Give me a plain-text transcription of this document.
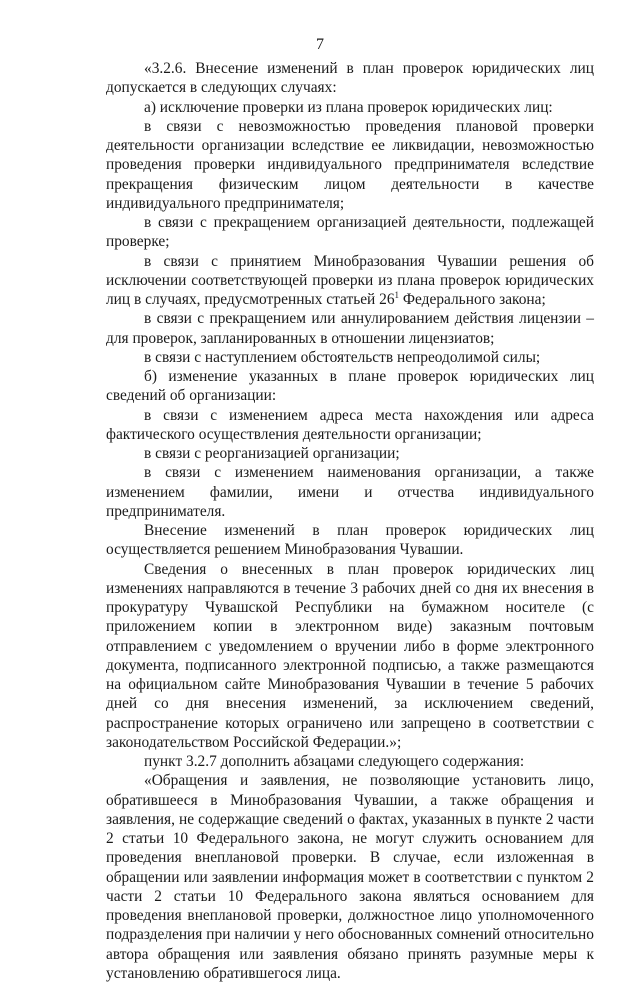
7

«3.2.6. Внесение изменений в план проверок юридических лиц допускается в следующих случаях:

а) исключение проверки из плана проверок юридических лиц:

в связи с невозможностью проведения плановой проверки деятельности организации вследствие ее ликвидации, невозможностью проведения проверки индивидуального предпринимателя вследствие прекращения физическим лицом деятельности в качестве индивидуального предпринимателя;

в связи с прекращением организацией деятельности, подлежащей проверке;

в связи с принятием Минобразования Чувашии решения об исключении соответствующей проверки из плана проверок юридических лиц в случаях, предусмотренных статьей $26^1$ Федерального закона;

в связи с прекращением или аннулированием действия лицензии – для проверок, запланированных в отношении лицензиатов;

в связи с наступлением обстоятельств непреодолимой силы;

б) изменение указанных в плане проверок юридических лиц сведений об организации:

в связи с изменением адреса места нахождения или адреса фактического осуществления деятельности организации;

в связи с реорганизацией организации;

в связи с изменением наименования организации, а также изменением фамилии, имени и отчества индивидуального предпринимателя.

Внесение изменений в план проверок юридических лиц осуществляется решением Минобразования Чувашии.

Сведения о внесенных в план проверок юридических лиц изменениях направляются в течение 3 рабочих дней со дня их внесения в прокуратуру Чувашской Республики на бумажном носителе (с приложением копии в электронном виде) заказным почтовым отправлением с уведомлением о вручении либо в форме электронного документа, подписанного электронной подписью, а также размещаются на официальном сайте Минобразования Чувашии в течение 5 рабочих дней со дня внесения изменений, за исключением сведений, распространение которых ограничено или запрещено в соответствии с законодательством Российской Федерации.»;

пункт 3.2.7 дополнить абзацами следующего содержания:

«Обращения и заявления, не позволяющие установить лицо, обратившееся в Минобразования Чувашии, а также обращения и заявления, не содержащие сведений о фактах, указанных в пункте 2 части 2 статьи 10 Федерального закона, не могут служить основанием для проведения внеплановой проверки. В случае, если изложенная в обращении или заявлении информация может в соответствии с пунктом 2 части 2 статьи 10 Федерального закона являться основанием для проведения внеплановой проверки, должностное лицо уполномоченного подразделения при наличии у него обоснованных сомнений относительно автора обращения или заявления обязано принять разумные меры к установлению обратившегося лица.
